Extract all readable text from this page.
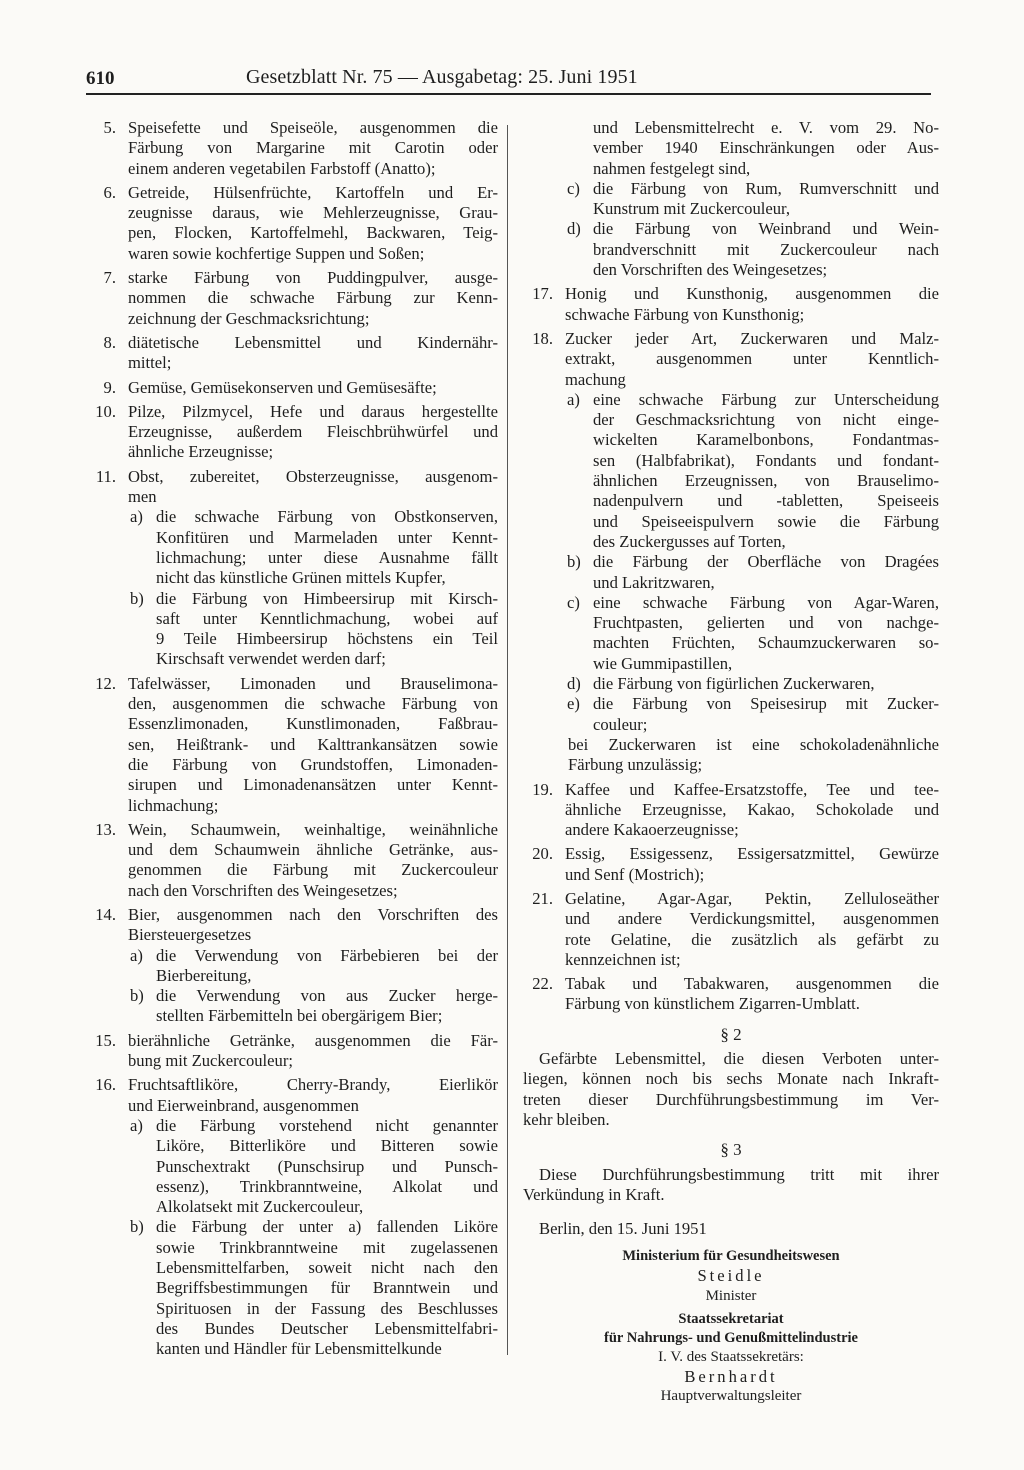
610	Gesetzblatt Nr. 75 — Ausgabetag: 25. Juni 1951
5. Speisefette und Speiseöle, ausgenommen die
Färbung von Margarine mit Carotin oder
einem anderen vegetabilen Farbstoff (Anatto);
6. Getreide, Hülsenfrüchte, Kartoffeln und Er-
zeugnisse daraus, wie Mehlerzeugnisse, Grau-
pen, Flocken, Kartoffelmehl, Backwaren, Teig-
waren sowie kochfertige Suppen und Soßen;
7. starke Färbung von Puddingpulver, ausge-
nommen die schwache Färbung zur Kenn-
zeichnung der Geschmacksrichtung;
8. diätetische Lebensmittel und Kindernähr-
mittel;
9. Gemüse, Gemüsekonserven und Gemüsesäfte;
10. Pilze, Pilzmycel, Hefe und daraus hergestellte
Erzeugnisse, außerdem Fleischbrühwürfel und
ähnliche Erzeugnisse;
11. Obst, zubereitet, Obsterzeugnisse, ausgenom-
men
a) die schwache Färbung von Obstkonserven,
Konfitüren und Marmeladen unter Kennt-
lichmachung; unter diese Ausnahme fällt
nicht das künstliche Grünen mittels Kupfer,
b) die Färbung von Himbeersirup mit Kirsch-
saft unter Kenntlichmachung, wobei auf
9 Teile Himbeersirup höchstens ein Teil
Kirschsaft verwendet werden darf;
12. Tafelwässer, Limonaden und Brauselimona-
den, ausgenommen die schwache Färbung von
Essenzlimonaden, Kunstlimonaden, Faßbrau-
sen, Heißtrank- und Kalttrankansätzen sowie
die Färbung von Grundstoffen, Limonaden-
sirupen und Limonadenansätzen unter Kennt-
lichmachung;
13. Wein, Schaumwein, weinhaltige, weinähnliche
und dem Schaumwein ähnliche Getränke, aus-
genommen die Färbung mit Zuckercouleur
nach den Vorschriften des Weingesetzes;
14. Bier, ausgenommen nach den Vorschriften des
Biersteuergesetzes
a) die Verwendung von Färbebieren bei der
Bierbereitung,
b) die Verwendung von aus Zucker herge-
stellten Färbemitteln bei obergärigem Bier;
15. bierähnliche Getränke, ausgenommen die Fär-
bung mit Zuckercouleur;
16. Fruchtsaftliköre, Cherry-Brandy, Eierlikör
und Eierweinbrand, ausgenommen
a) die Färbung vorstehend nicht genannter
Liköre, Bitterliköre und Bitteren sowie
Punschextrakt (Punschsirup und Punsch-
essenz), Trinkbranntweine, Alkolat und
Alkolatsekt mit Zuckercouleur,
b) die Färbung der unter a) fallenden Liköre
sowie Trinkbranntweine mit zugelassenen
Lebensmittelfarben, soweit nicht nach den
Begriffsbestimmungen für Branntwein und
Spirituosen in der Fassung des Beschlusses
des Bundes Deutscher Lebensmittelfabri-
kanten und Händler für Lebensmittelkunde
und Lebensmittelrecht e. V. vom 29. No-
vember 1940 Einschränkungen oder Aus-
nahmen festgelegt sind,
c) die Färbung von Rum, Rumverschnitt und
Kunstrum mit Zuckercouleur,
d) die Färbung von Weinbrand und Wein-
brandverschnitt mit Zuckercouleur nach
den Vorschriften des Weingesetzes;
17. Honig und Kunsthonig, ausgenommen die
schwache Färbung von Kunsthonig;
18. Zucker jeder Art, Zuckerwaren und Malz-
extrakt, ausgenommen unter Kenntlich-
machung
a) eine schwache Färbung zur Unterscheidung
der Geschmacksrichtung von nicht einge-
wickelten Karamelbonbons, Fondantmas-
sen (Halbfabrikat), Fondants und fondant-
ähnlichen Erzeugnissen, von Brauselimo-
nadenpulvern und -tabletten, Speiseeis
und Speiseeispulvern sowie die Färbung
des Zuckergusses auf Torten,
b) die Färbung der Oberfläche von Dragées
und Lakritzwaren,
c) eine schwache Färbung von Agar-Waren,
Fruchtpasten, gelierten und von nachge-
machten Früchten, Schaumzuckerwaren so-
wie Gummipastillen,
d) die Färbung von figürlichen Zuckerwaren,
e) die Färbung von Speisesirup mit Zucker-
couleur;
bei Zuckerwaren ist eine schokoladenähnliche
Färbung unzulässig;
19. Kaffee und Kaffee-Ersatzstoffe, Tee und tee-
ähnliche Erzeugnisse, Kakao, Schokolade und
andere Kakaoerzeugnisse;
20. Essig, Essigessenz, Essigersatzmittel, Gewürze
und Senf (Mostrich);
21. Gelatine, Agar-Agar, Pektin, Zelluloseäther
und andere Verdickungsmittel, ausgenommen
rote Gelatine, die zusätzlich als gefärbt zu
kennzeichnen ist;
22. Tabak und Tabakwaren, ausgenommen die
Färbung von künstlichem Zigarren-Umblatt.
§ 2
Gefärbte Lebensmittel, die diesen Verboten unter-
liegen, können noch bis sechs Monate nach Inkraft-
treten dieser Durchführungsbestimmung im Ver-
kehr bleiben.
§ 3
Diese Durchführungsbestimmung tritt mit ihrer
Verkündung in Kraft.
Berlin, den 15. Juni 1951
Ministerium für Gesundheitswesen
Steidle
Minister
Staatssekretariat
für Nahrungs- und Genußmittelindustrie
I. V. des Staatssekretärs:
Bernhardt
Hauptverwaltungsleiter
